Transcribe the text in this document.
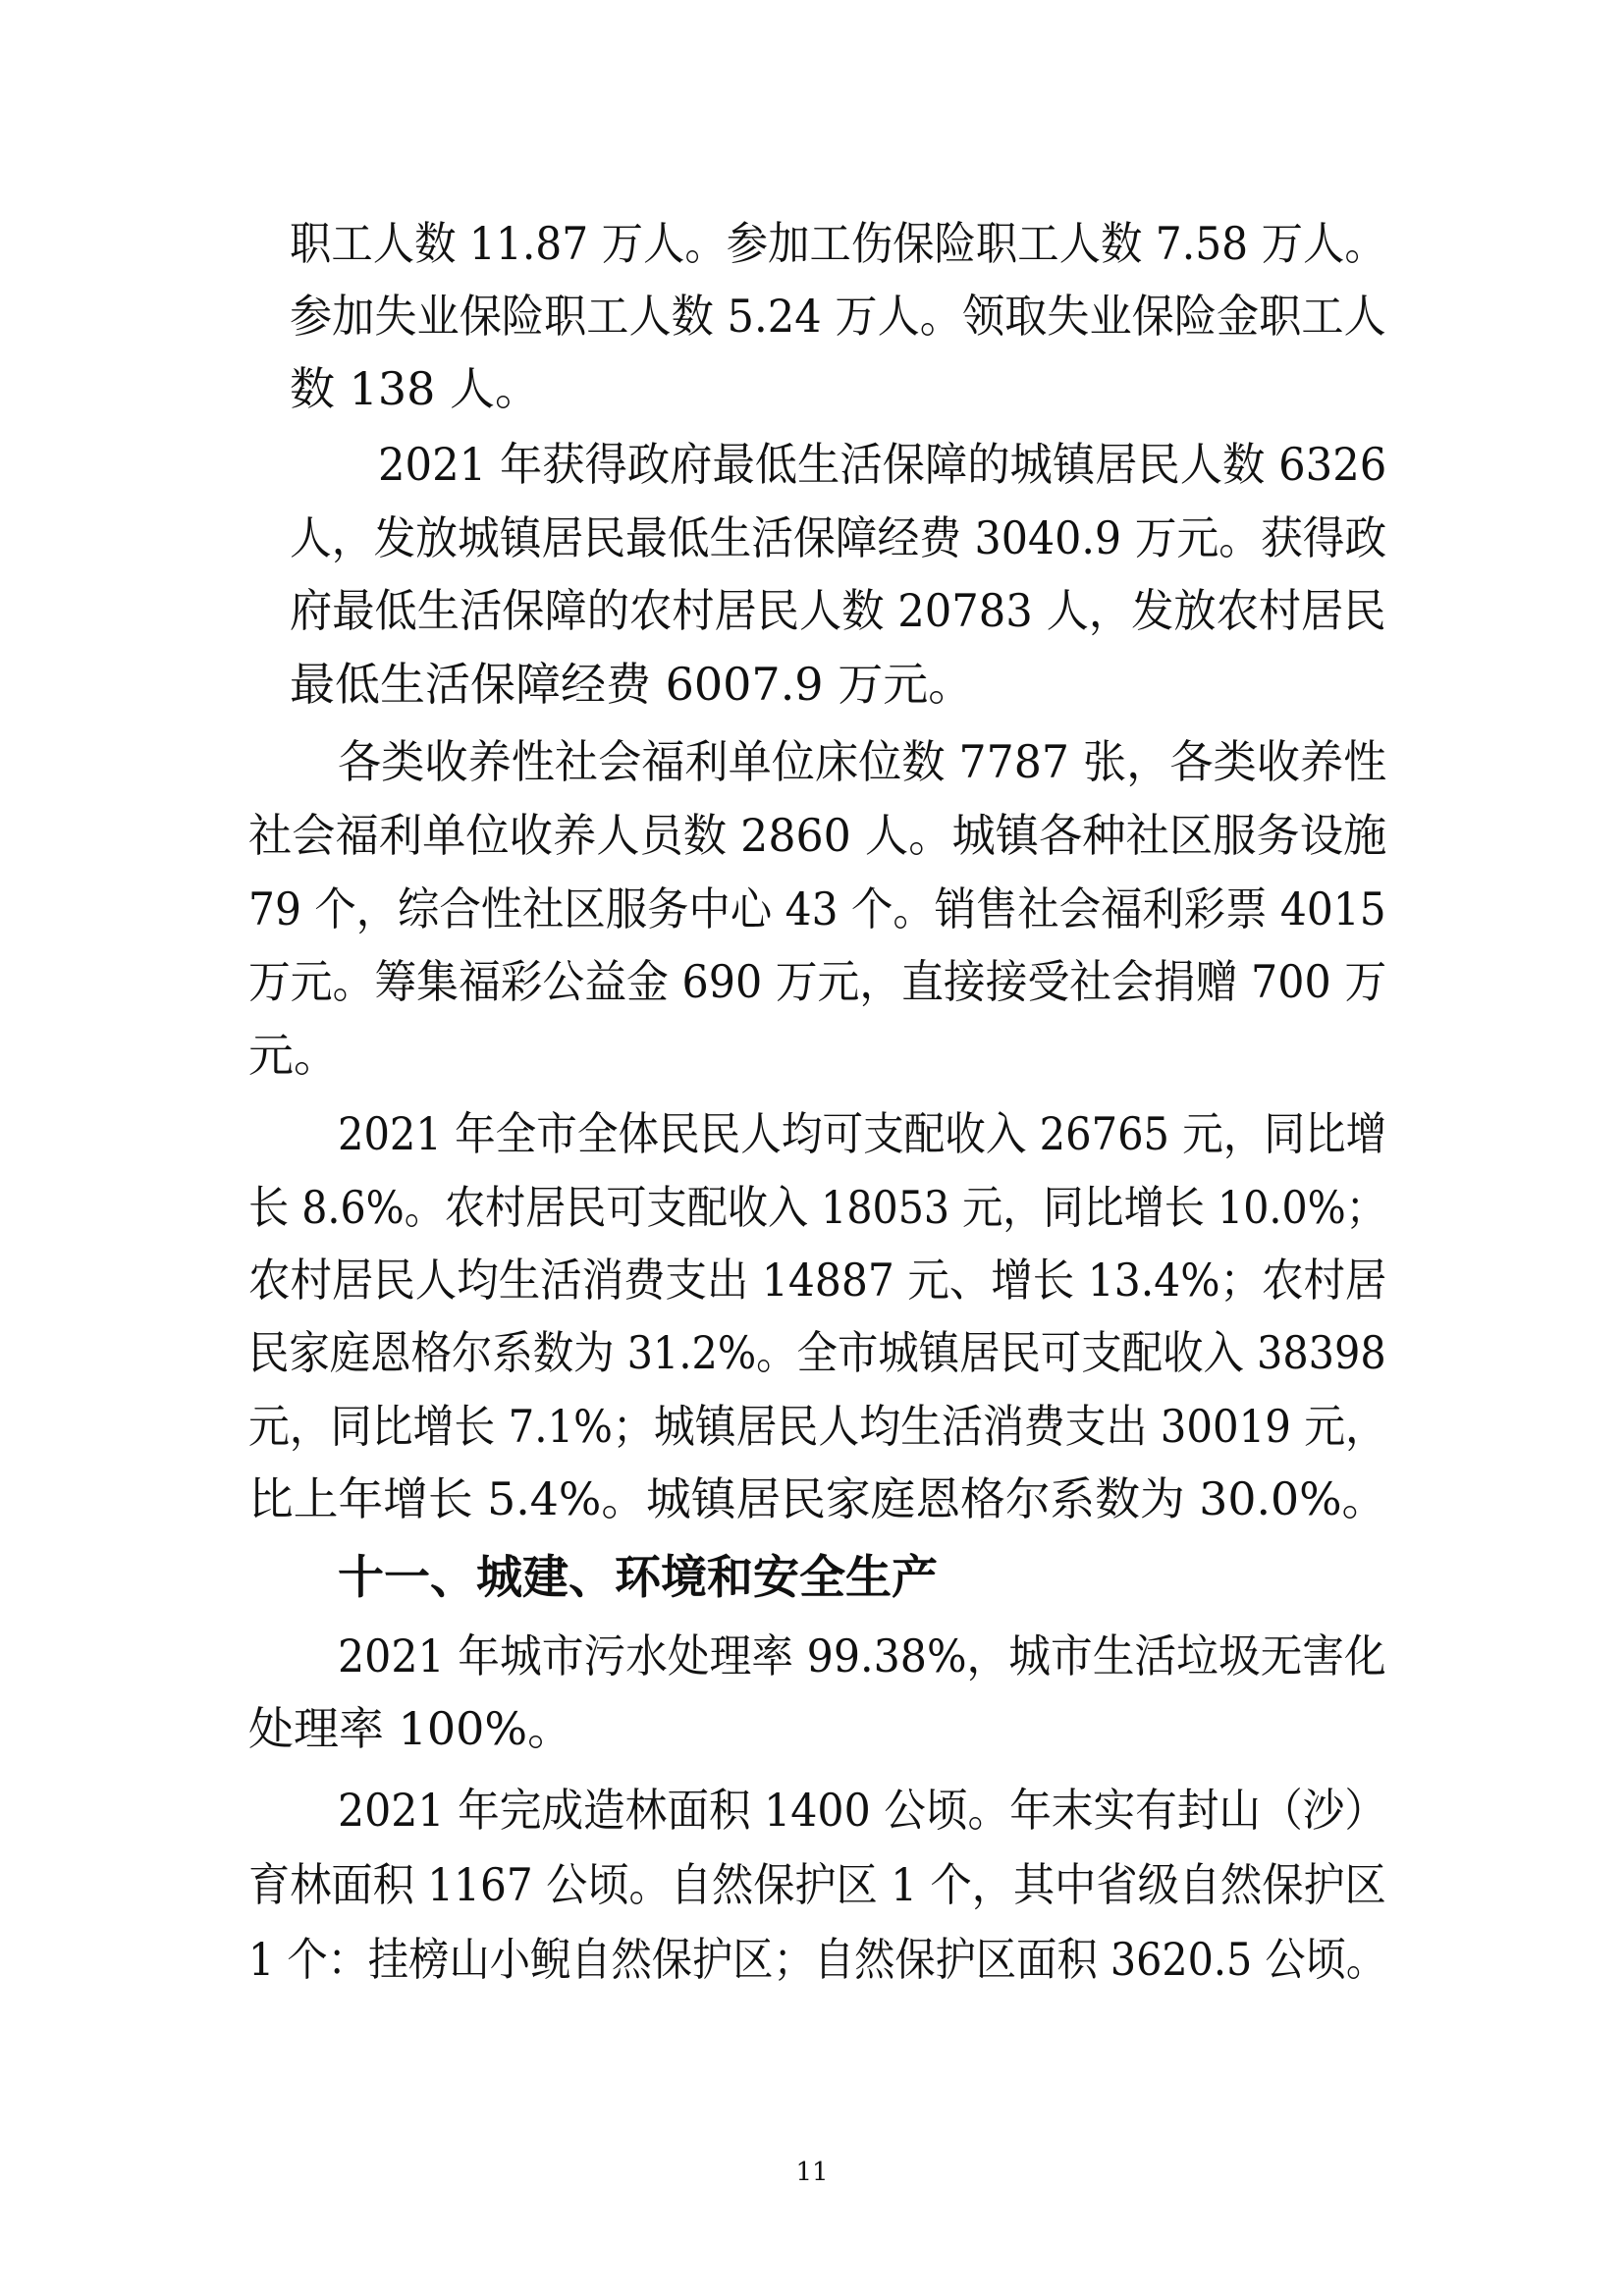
职工人数 11.87 万人。参加工伤保险职工人数 7.58 万人。
参加失业保险职工人数 5.24 万人。领取失业保险金职工人
数 138 人。
2021 年获得政府最低生活保障的城镇居民人数 6326
人，发放城镇居民最低生活保障经费 3040.9 万元。获得政
府最低生活保障的农村居民人数 20783 人，发放农村居民
最低生活保障经费 6007.9 万元。
各类收养性社会福利单位床位数 7787 张，各类收养性
社会福利单位收养人员数 2860 人。城镇各种社区服务设施
79 个，综合性社区服务中心 43 个。销售社会福利彩票 4015
万元。筹集福彩公益金 690 万元，直接接受社会捐赠 700 万
元。
2021 年全市全体民民人均可支配收入 26765 元，同比增
长 8.6%。农村居民可支配收入 18053 元，同比增长 10.0%；
农村居民人均生活消费支出 14887 元、增长 13.4%；农村居
民家庭恩格尔系数为 31.2%。全市城镇居民可支配收入 38398
元，同比增长 7.1%；城镇居民人均生活消费支出 30019 元，
比上年增长 5.4%。城镇居民家庭恩格尔系数为 30.0%。
十一、城建、环境和安全生产
2021 年城市污水处理率 99.38%，城市生活垃圾无害化
处理率 100%。
2021 年完成造林面积 1400 公顷。年末实有封山（沙）
育林面积 1167 公顷。自然保护区 1 个，其中省级自然保护区
1 个：挂榜山小鲵自然保护区；自然保护区面积 3620.5 公顷。
11
